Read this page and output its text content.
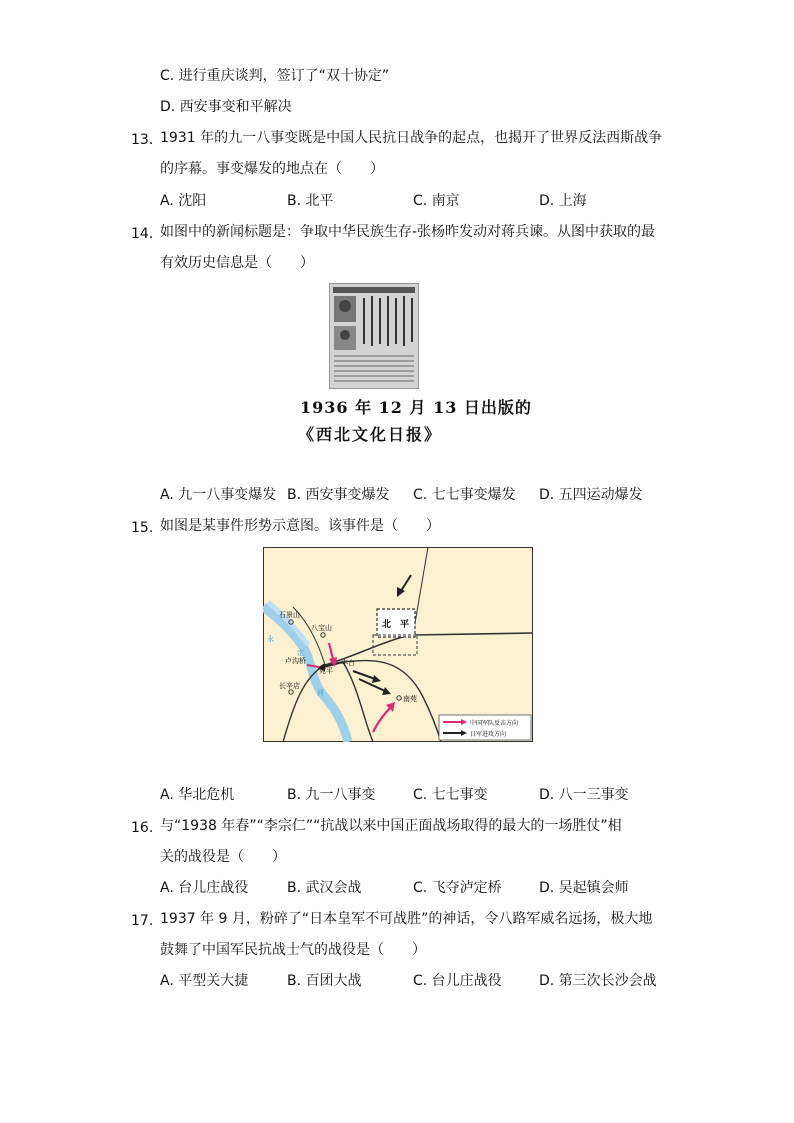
C. 进行重庆谈判，签订了“双十协定”
D. 西安事变和平解决
13. 1931 年的九一八事变既是中国人民抗日战争的起点，也揭开了世界反法西斯战争
的序幕。事变爆发的地点在（　　）
A. 沈阳	B. 北平	C. 南京	D. 上海
14. 如图中的新闻标题是：争取中华民族生存-张杨昨发动对蒋兵谏。从图中获取的最
有效历史信息是（　　）
1936 年 12 月 13 日出版的
《西北文化日报》
A. 九一八事变爆发 B. 西安事变爆发 C. 七七事变爆发 D. 五四运动爆发
15. 如图是某事件形势示意图。该事件是（　　）
北　平
石景山
八宝山
卢沟桥
宛平
丰台
长辛店
南苑
永
定
河
中国军队反击方向
日军进攻方向
A. 华北危机	B. 九一八事变	C. 七七事变	D. 八一三事变
16. 与“1938 年春”“李宗仁”“抗战以来中国正面战场取得的最大的一场胜仗”相
关的战役是（　　）
A. 台儿庄战役	B. 武汉会战	C. 飞夺泸定桥	D. 吴起镇会师
17. 1937 年 9 月，粉碎了“日本皇军不可战胜”的神话，令八路军威名远扬，极大地
鼓舞了中国军民抗战士气的战役是（　　）
A. 平型关大捷	B. 百团大战	C. 台儿庄战役	D. 第三次长沙会战
